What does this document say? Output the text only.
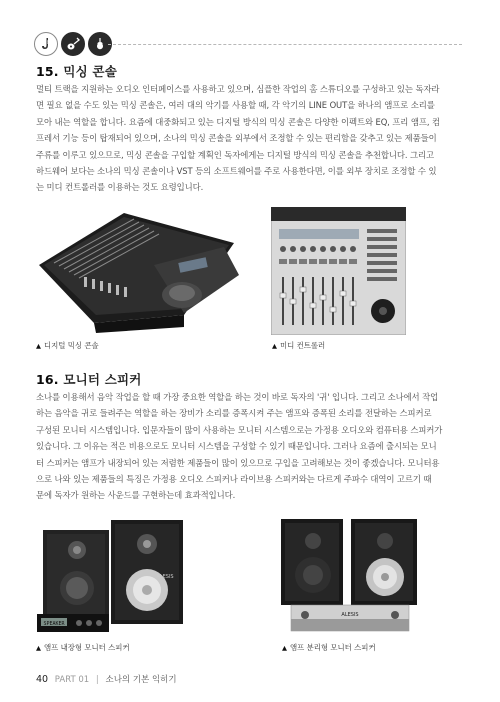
15. 믹싱 콘솔
멀티 트랙을 지원하는 오디오 인터페이스를 사용하고 있으며, 심플한 작업의 홈 스튜디오를 구성하고 있는 독자라
면 필요 없을 수도 있는 믹싱 콘솔은, 여러 대의 악기를 사용할 때, 각 악기의 LINE OUT을 하나의 앰프로 소리를
모아 내는 역할을 합니다. 요즘에 대중화되고 있는 디지털 방식의 믹싱 콘솔은 다양한 이펙트와 EQ, 프리 앰프, 컴
프레서 기능 등이 탑재되어 있으며, 소나의 믹싱 콘솔을 외부에서 조정할 수 있는 편리함을 갖추고 있는 제품들이
주류를 이루고 있으므로, 믹싱 콘솔을 구입할 계획인 독자에게는 디지털 방식의 믹싱 콘솔을 추천합니다. 그리고
하드웨어 보다는 소나의 믹싱 콘솔이나 VST 등의 소프트웨어를 주로 사용한다면, 이를 외부 장치로 조정할 수 있
는 미디 컨트롤러를 이용하는 것도 요령입니다.
▲ 디지털 믹싱 콘솔	▲ 미디 컨트롤러
16. 모니터 스피커
소나를 이용해서 음악 작업을 할 때 가장 중요한 역할을 하는 것이 바로 독자의 '귀' 입니다. 그리고 소나에서 작업
하는 음악을 귀로 들려주는 역할을 하는 장비가 소리를 증폭시켜 주는 앰프와 증폭된 소리를 전달하는 스피커로
구성된 모니터 시스템입니다. 입문자들이 많이 사용하는 모니터 시스템으로는 가정용 오디오와 컴퓨터용 스피커가
있습니다. 그 이유는 적은 비용으로도 모니터 시스템을 구성할 수 있기 때문입니다. 그러나 요즘에 출시되는 모니
터 스피커는 앰프가 내장되어 있는 저렴한 제품들이 많이 있으므로 구입을 고려해보는 것이 좋겠습니다. 모니터용
으로 나와 있는 제품들의 특징은 가정용 오디오 스피커나 라이브용 스피커와는 다르게 주파수 대역이 고르기 때
문에 독자가 원하는 사운드를 구현하는데 효과적입니다.
SPEAKER
ALESIS
▲ 앰프 내장형 모니터 스피커
ALESIS
▲ 앰프 분리형 모니터 스피커
40 PART 01 | 소나의 기본 익히기
